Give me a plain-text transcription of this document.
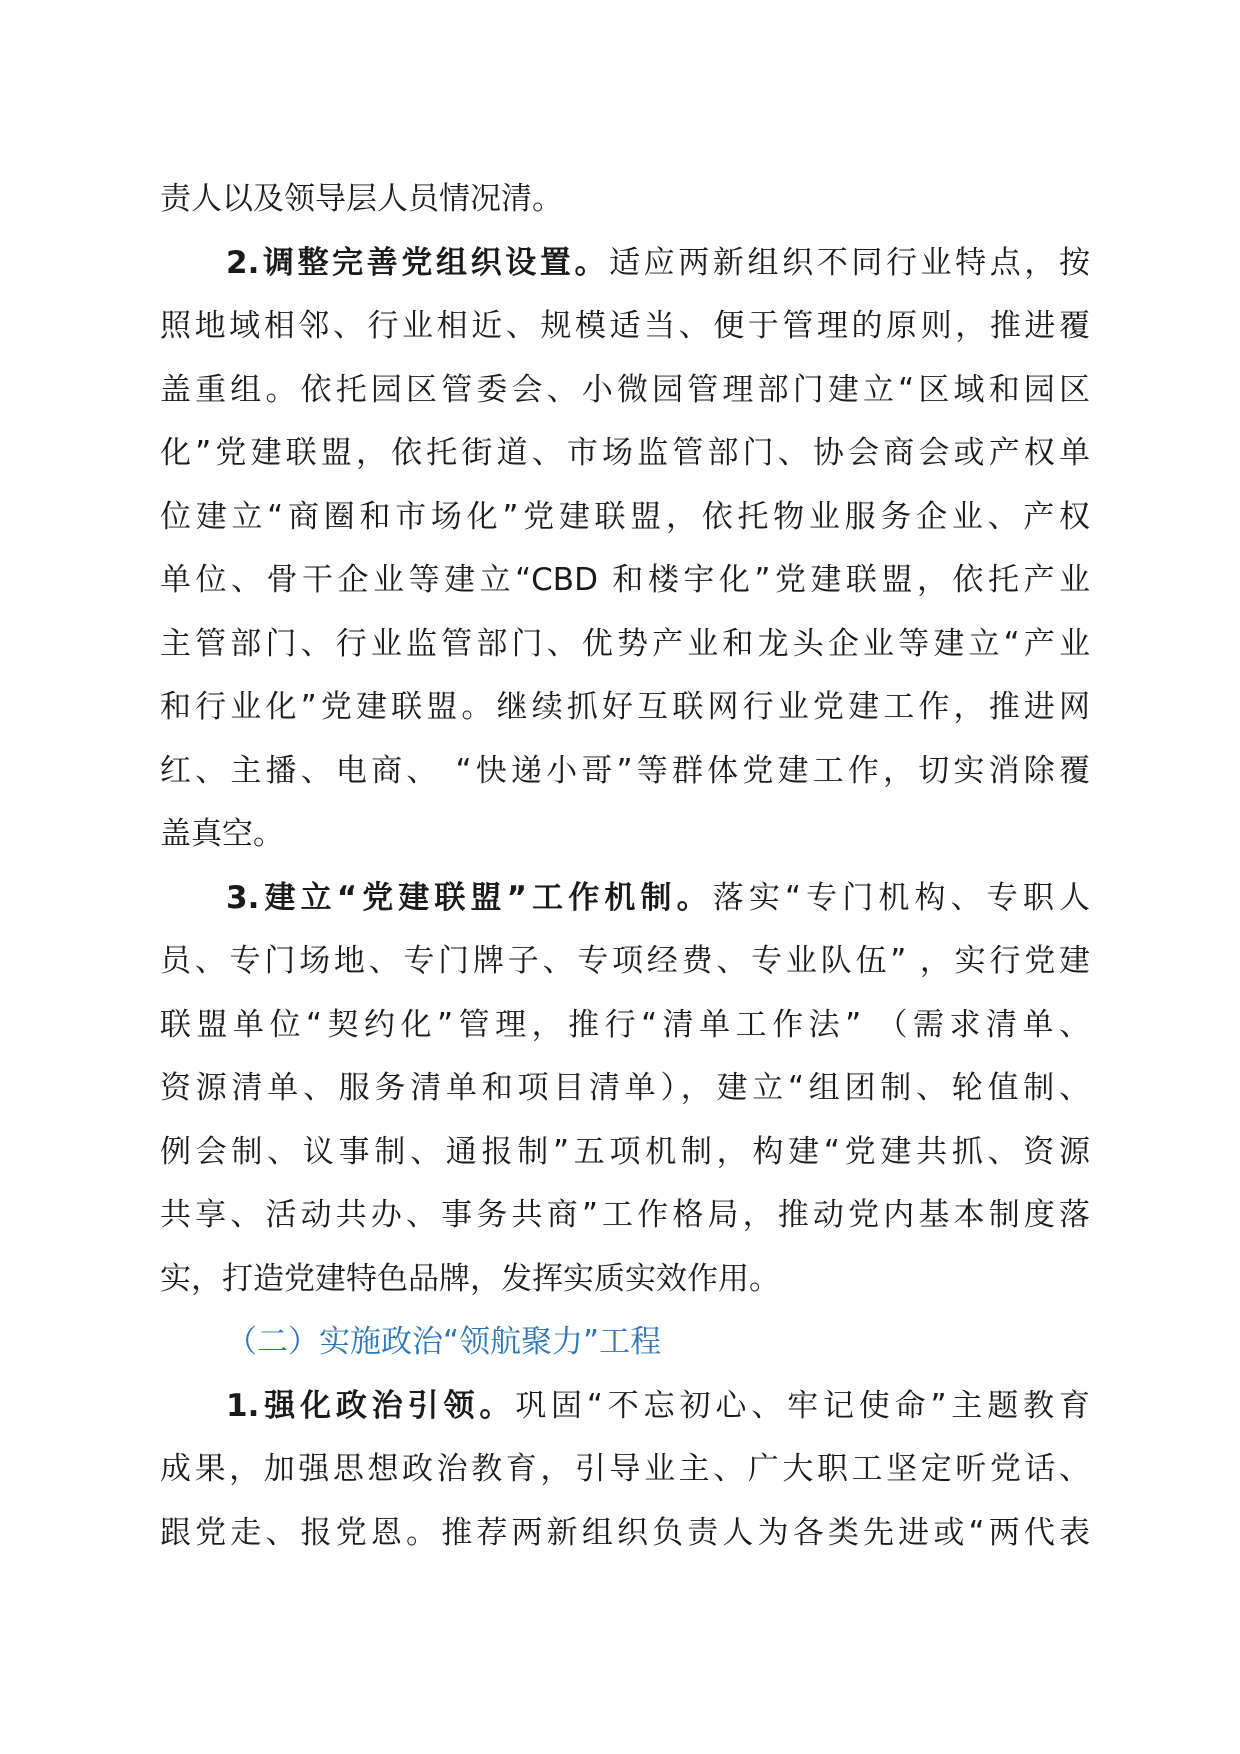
责人以及领导层人员情况清。
2.调整完善党组织设置。适应两新组织不同行业特点，按
照地域相邻、行业相近、规模适当、便于管理的原则，推进覆
盖重组。依托园区管委会、小微园管理部门建立“区域和园区
化”党建联盟，依托街道、市场监管部门、协会商会或产权单
位建立“商圈和市场化”党建联盟，依托物业服务企业、产权
单位、骨干企业等建立“CBD 和楼宇化”党建联盟，依托产业
主管部门、行业监管部门、优势产业和龙头企业等建立“产业
和行业化”党建联盟。继续抓好互联网行业党建工作，推进网
红、主播、电商、 “快递小哥”等群体党建工作，切实消除覆
盖真空。
3.建立“党建联盟”工作机制。落实“专门机构、专职人
员、专门场地、专门牌子、专项经费、专业队伍” ，实行党建
联盟单位“契约化”管理，推行“清单工作法” （需求清单、
资源清单、服务清单和项目清单），建立“组团制、轮值制、
例会制、议事制、通报制”五项机制，构建“党建共抓、资源
共享、活动共办、事务共商”工作格局，推动党内基本制度落
实，打造党建特色品牌，发挥实质实效作用。
（二）实施政治“领航聚力”工程
1.强化政治引领。巩固“不忘初心、牢记使命”主题教育
成果，加强思想政治教育，引导业主、广大职工坚定听党话、
跟党走、报党恩。推荐两新组织负责人为各类先进或“两代表
